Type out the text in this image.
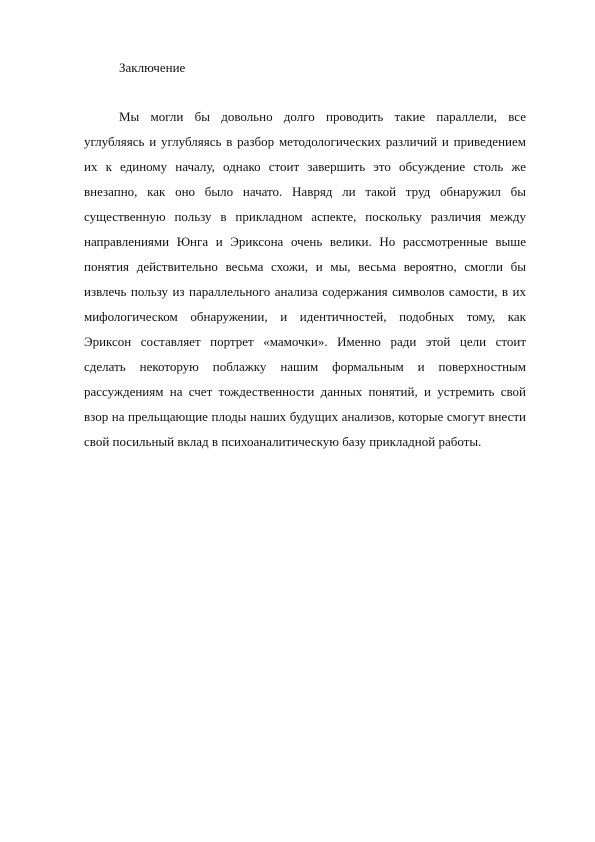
Заключение
Мы могли бы довольно долго проводить такие параллели, все
углубляясь и углубляясь в разбор методологических различий и приведением
их к единому началу, однако стоит завершить это обсуждение столь же
внезапно, как оно было начато. Навряд ли такой труд обнаружил бы
существенную пользу в прикладном аспекте, поскольку различия между
направлениями Юнга и Эриксона очень велики. Но рассмотренные выше
понятия действительно весьма схожи, и мы, весьма вероятно, смогли бы
извлечь пользу из параллельного анализа содержания символов самости, в их
мифологическом обнаружении, и идентичностей, подобных тому, как
Эриксон составляет портрет «мамочки». Именно ради этой цели стоит
сделать некоторую поблажку нашим формальным и поверхностным
рассуждениям на счет тождественности данных понятий, и устремить свой
взор на прельщающие плоды наших будущих анализов, которые смогут внести
свой посильный вклад в психоаналитическую базу прикладной работы.
